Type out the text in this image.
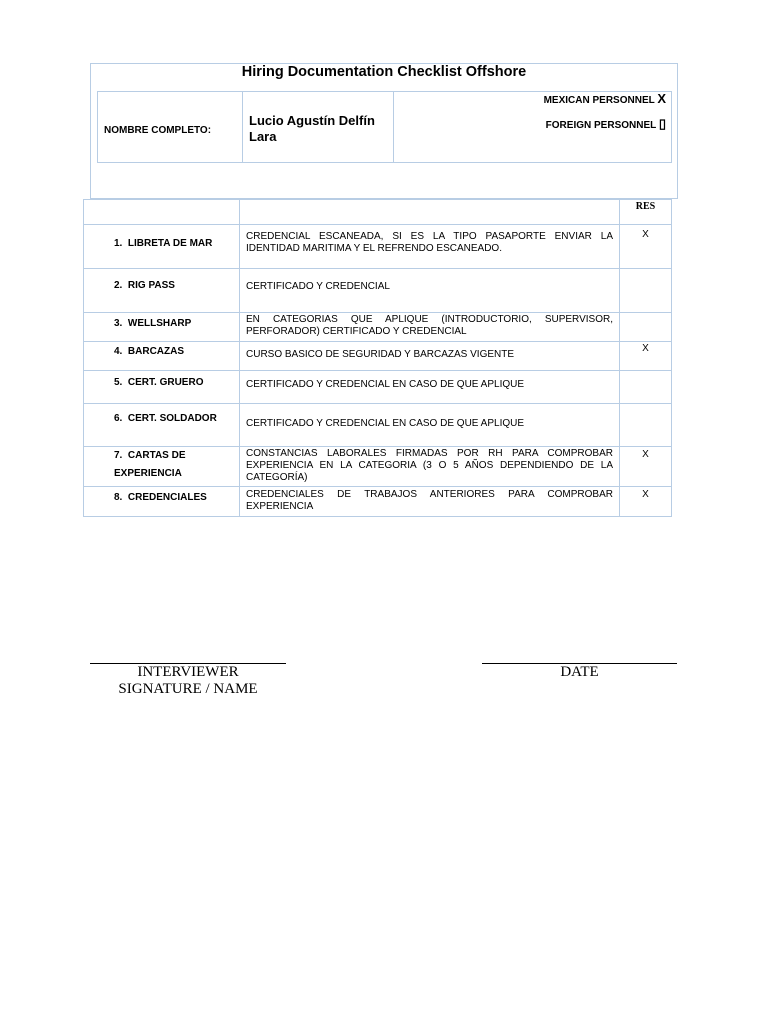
Hiring Documentation Checklist Offshore
NOMBRE COMPLETO:
Lucio Agustín Delfín Lara
MEXICAN PERSONNEL X
FOREIGN PERSONNEL ▯
		RES
1. LIBRETA DE MAR	CREDENCIAL ESCANEADA, SI ES LA TIPO PASAPORTE ENVIAR LA IDENTIDAD MARITIMA Y EL REFRENDO ESCANEADO.	X
2. RIG PASS	CERTIFICADO Y CREDENCIAL	
3. WELLSHARP	EN CATEGORIAS QUE APLIQUE (INTRODUCTORIO, SUPERVISOR, PERFORADOR) CERTIFICADO Y CREDENCIAL	
4. BARCAZAS	CURSO BASICO DE SEGURIDAD Y BARCAZAS VIGENTE	X
5. CERT. GRUERO	CERTIFICADO Y CREDENCIAL EN CASO DE QUE APLIQUE	
6. CERT. SOLDADOR	CERTIFICADO Y CREDENCIAL EN CASO DE QUE APLIQUE	
7. CARTAS DE EXPERIENCIA	CONSTANCIAS LABORALES FIRMADAS POR RH PARA COMPROBAR EXPERIENCIA EN LA CATEGORIA (3 O 5 AÑOS DEPENDIENDO DE LA CATEGORÍA)	X
8. CREDENCIALES	CREDENCIALES DE TRABAJOS ANTERIORES PARA COMPROBAR EXPERIENCIA	X
INTERVIEWER SIGNATURE / NAME
DATE
